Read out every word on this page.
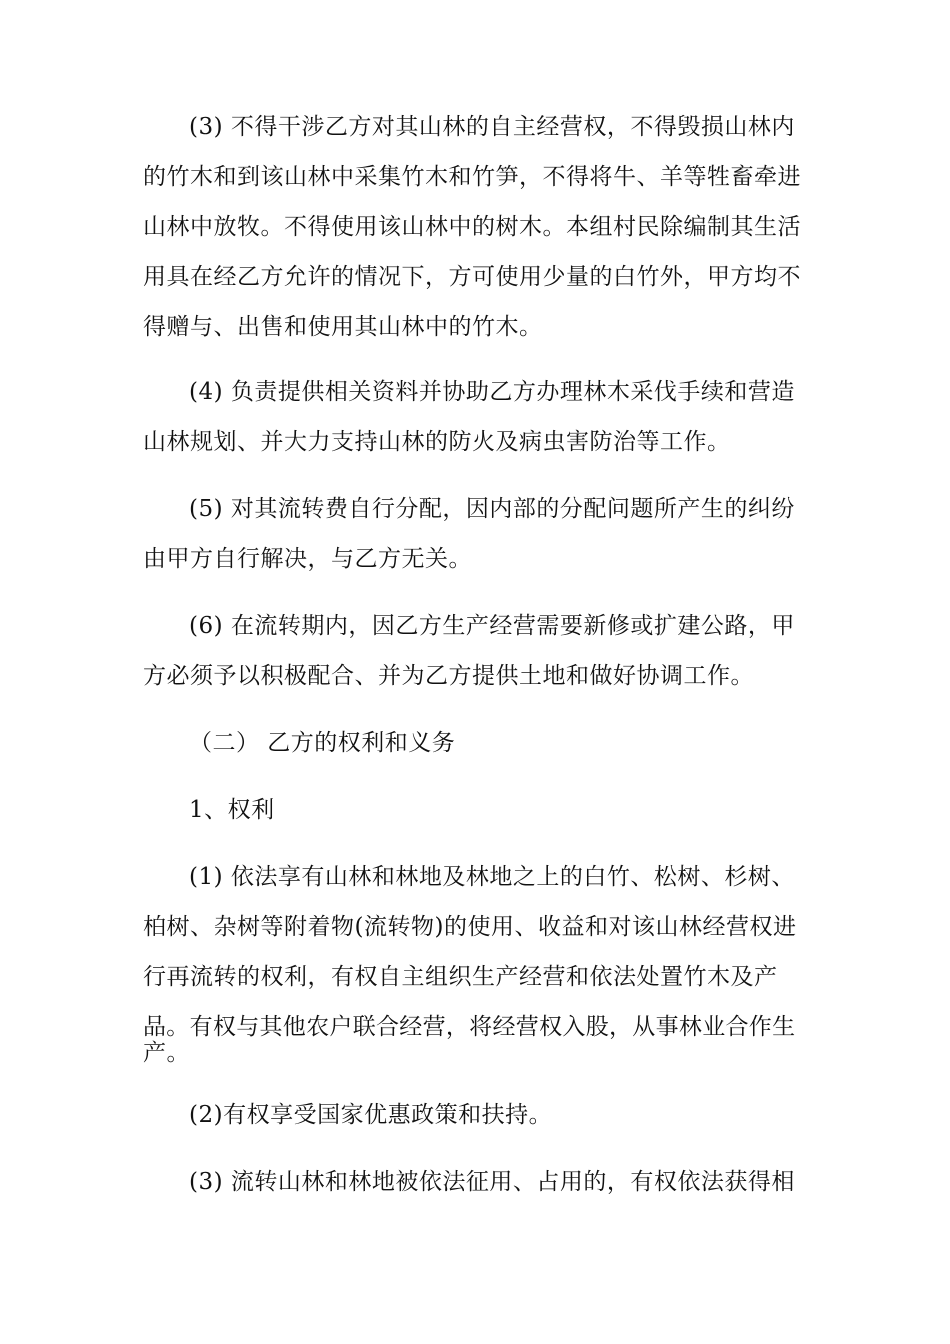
(3) 不得干涉乙方对其山林的自主经营权，不得毁损山林内
的竹木和到该山林中采集竹木和竹笋，不得将牛、羊等牲畜牵进
山林中放牧。不得使用该山林中的树木。本组村民除编制其生活
用具在经乙方允许的情况下，方可使用少量的白竹外，甲方均不
得赠与、出售和使用其山林中的竹木。
(4) 负责提供相关资料并协助乙方办理林木采伐手续和营造
山林规划、并大力支持山林的防火及病虫害防治等工作。
(5) 对其流转费自行分配，因内部的分配问题所产生的纠纷
由甲方自行解决，与乙方无关。
(6) 在流转期内，因乙方生产经营需要新修或扩建公路，甲
方必须予以积极配合、并为乙方提供土地和做好协调工作。
（二） 乙方的权利和义务
1、权利
(1) 依法享有山林和林地及林地之上的白竹、松树、杉树、
柏树、杂树等附着物(流转物)的使用、收益和对该山林经营权进
行再流转的权利，有权自主组织生产经营和依法处置竹木及产
品。有权与其他农户联合经营，将经营权入股，从事林业合作生
产。
(2)有权享受国家优惠政策和扶持。
(3) 流转山林和林地被依法征用、占用的，有权依法获得相
